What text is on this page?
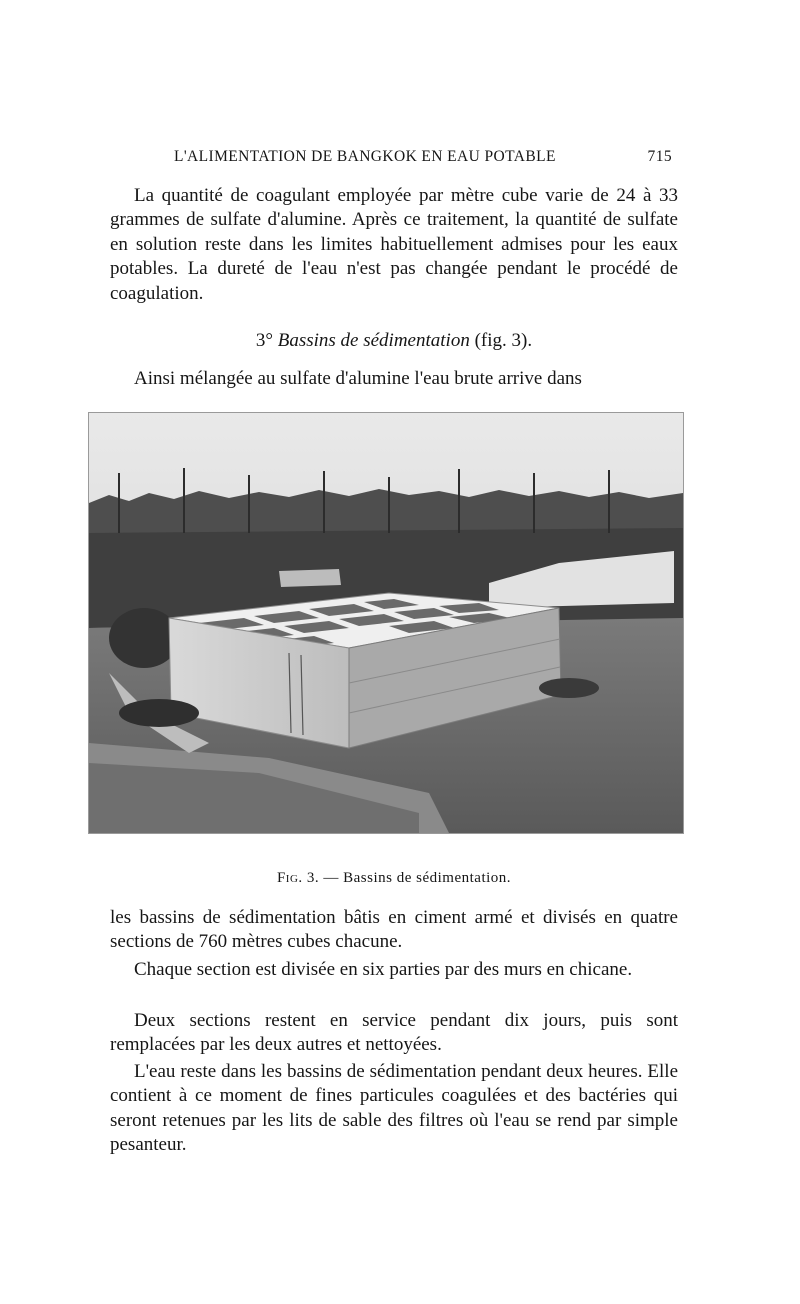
L'ALIMENTATION DE BANGKOK EN EAU POTABLE	715

La quantité de coagulant employée par mètre cube varie de 24 à 33 grammes de sulfate d'alumine. Après ce traitement, la quantité de sulfate en solution reste dans les limites habituellement admises pour les eaux potables. La dureté de l'eau n'est pas changée pendant le procédé de coagulation.

3° Bassins de sédimentation (fig. 3).

Ainsi mélangée au sulfate d'alumine l'eau brute arrive dans

Fig. 3. — Bassins de sédimentation.

les bassins de sédimentation bâtis en ciment armé et divisés en quatre sections de 760 mètres cubes chacune.

Chaque section est divisée en six parties par des murs en chicane.

Deux sections restent en service pendant dix jours, puis sont remplacées par les deux autres et nettoyées.

L'eau reste dans les bassins de sédimentation pendant deux heures. Elle contient à ce moment de fines particules coagulées et des bactéries qui seront retenues par les lits de sable des filtres où l'eau se rend par simple pesanteur.
